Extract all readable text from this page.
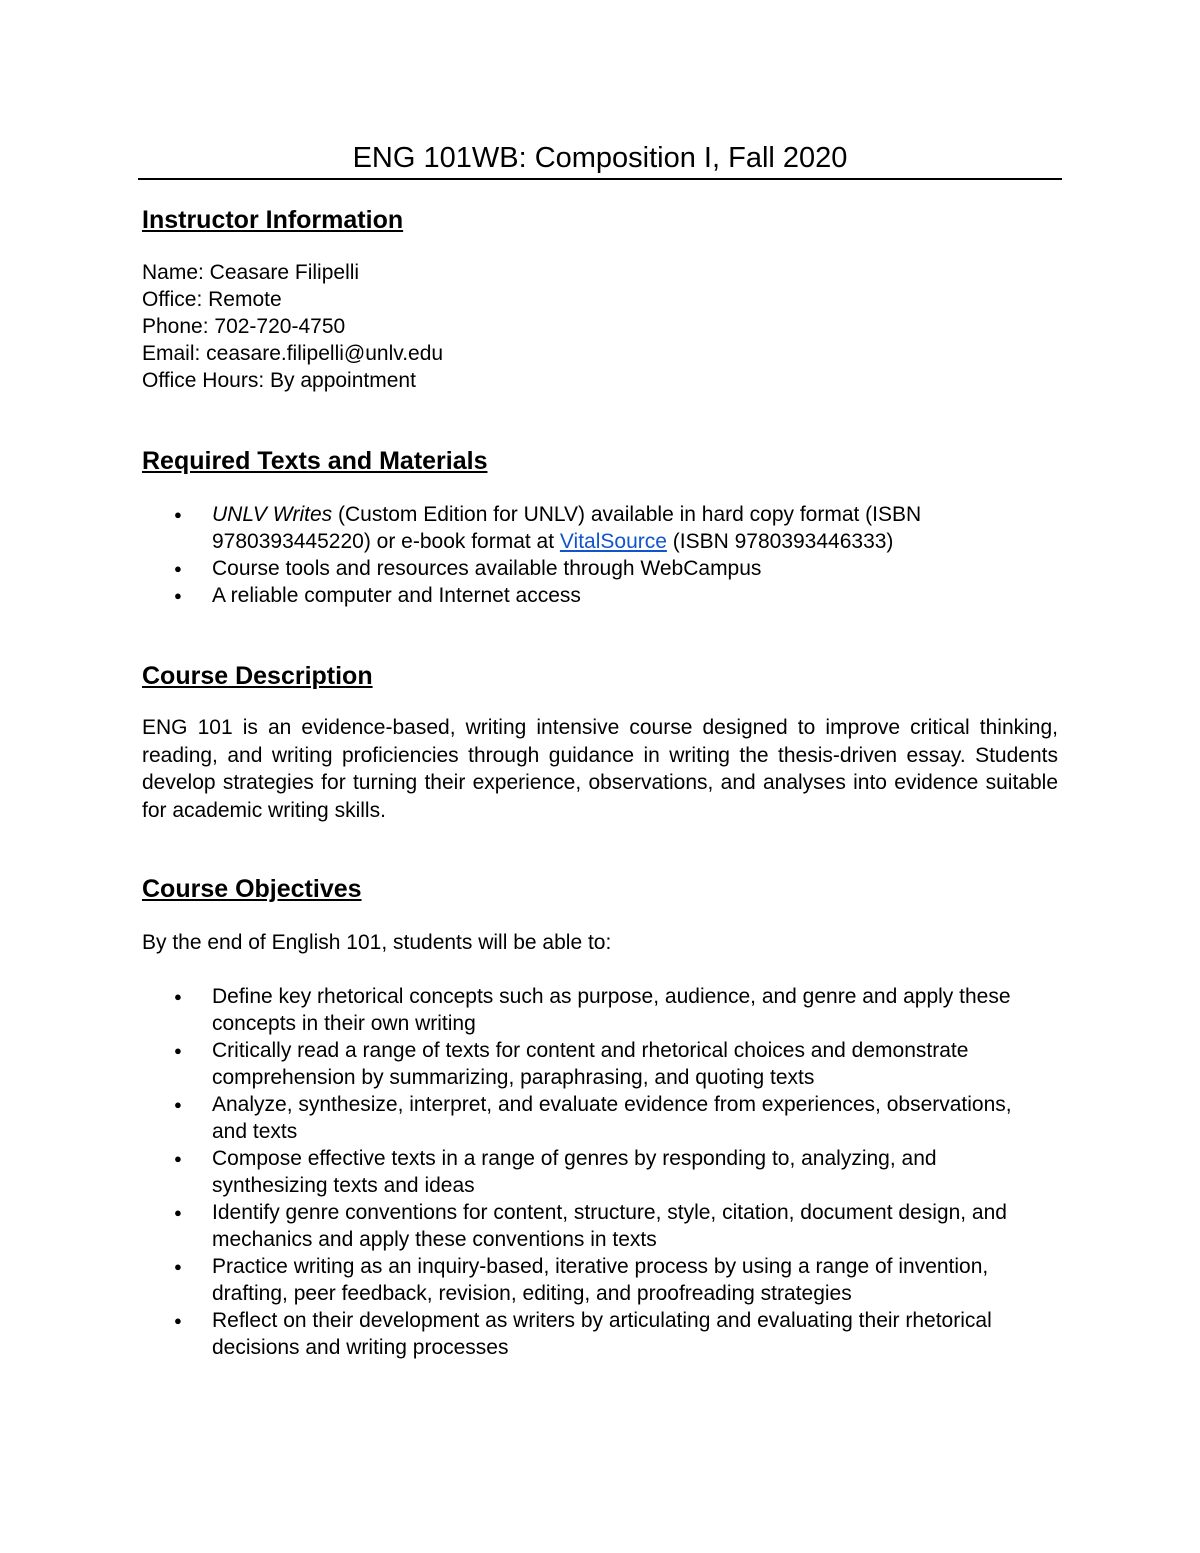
ENG 101WB: Composition I, Fall 2020
Instructor Information
Name: Ceasare Filipelli
Office: Remote
Phone: 702-720-4750
Email: ceasare.filipelli@unlv.edu
Office Hours: By appointment
Required Texts and Materials
● UNLV Writes (Custom Edition for UNLV) available in hard copy format (ISBN 9780393445220) or e-book format at VitalSource (ISBN 9780393446333)
● Course tools and resources available through WebCampus
● A reliable computer and Internet access
Course Description
ENG 101 is an evidence-based, writing intensive course designed to improve critical thinking, reading, and writing proficiencies through guidance in writing the thesis-driven essay. Students develop strategies for turning their experience, observations, and analyses into evidence suitable for academic writing skills.
Course Objectives
By the end of English 101, students will be able to:
● Define key rhetorical concepts such as purpose, audience, and genre and apply these concepts in their own writing
● Critically read a range of texts for content and rhetorical choices and demonstrate comprehension by summarizing, paraphrasing, and quoting texts
● Analyze, synthesize, interpret, and evaluate evidence from experiences, observations, and texts
● Compose effective texts in a range of genres by responding to, analyzing, and synthesizing texts and ideas
● Identify genre conventions for content, structure, style, citation, document design, and mechanics and apply these conventions in texts
● Practice writing as an inquiry-based, iterative process by using a range of invention, drafting, peer feedback, revision, editing, and proofreading strategies
● Reflect on their development as writers by articulating and evaluating their rhetorical decisions and writing processes
